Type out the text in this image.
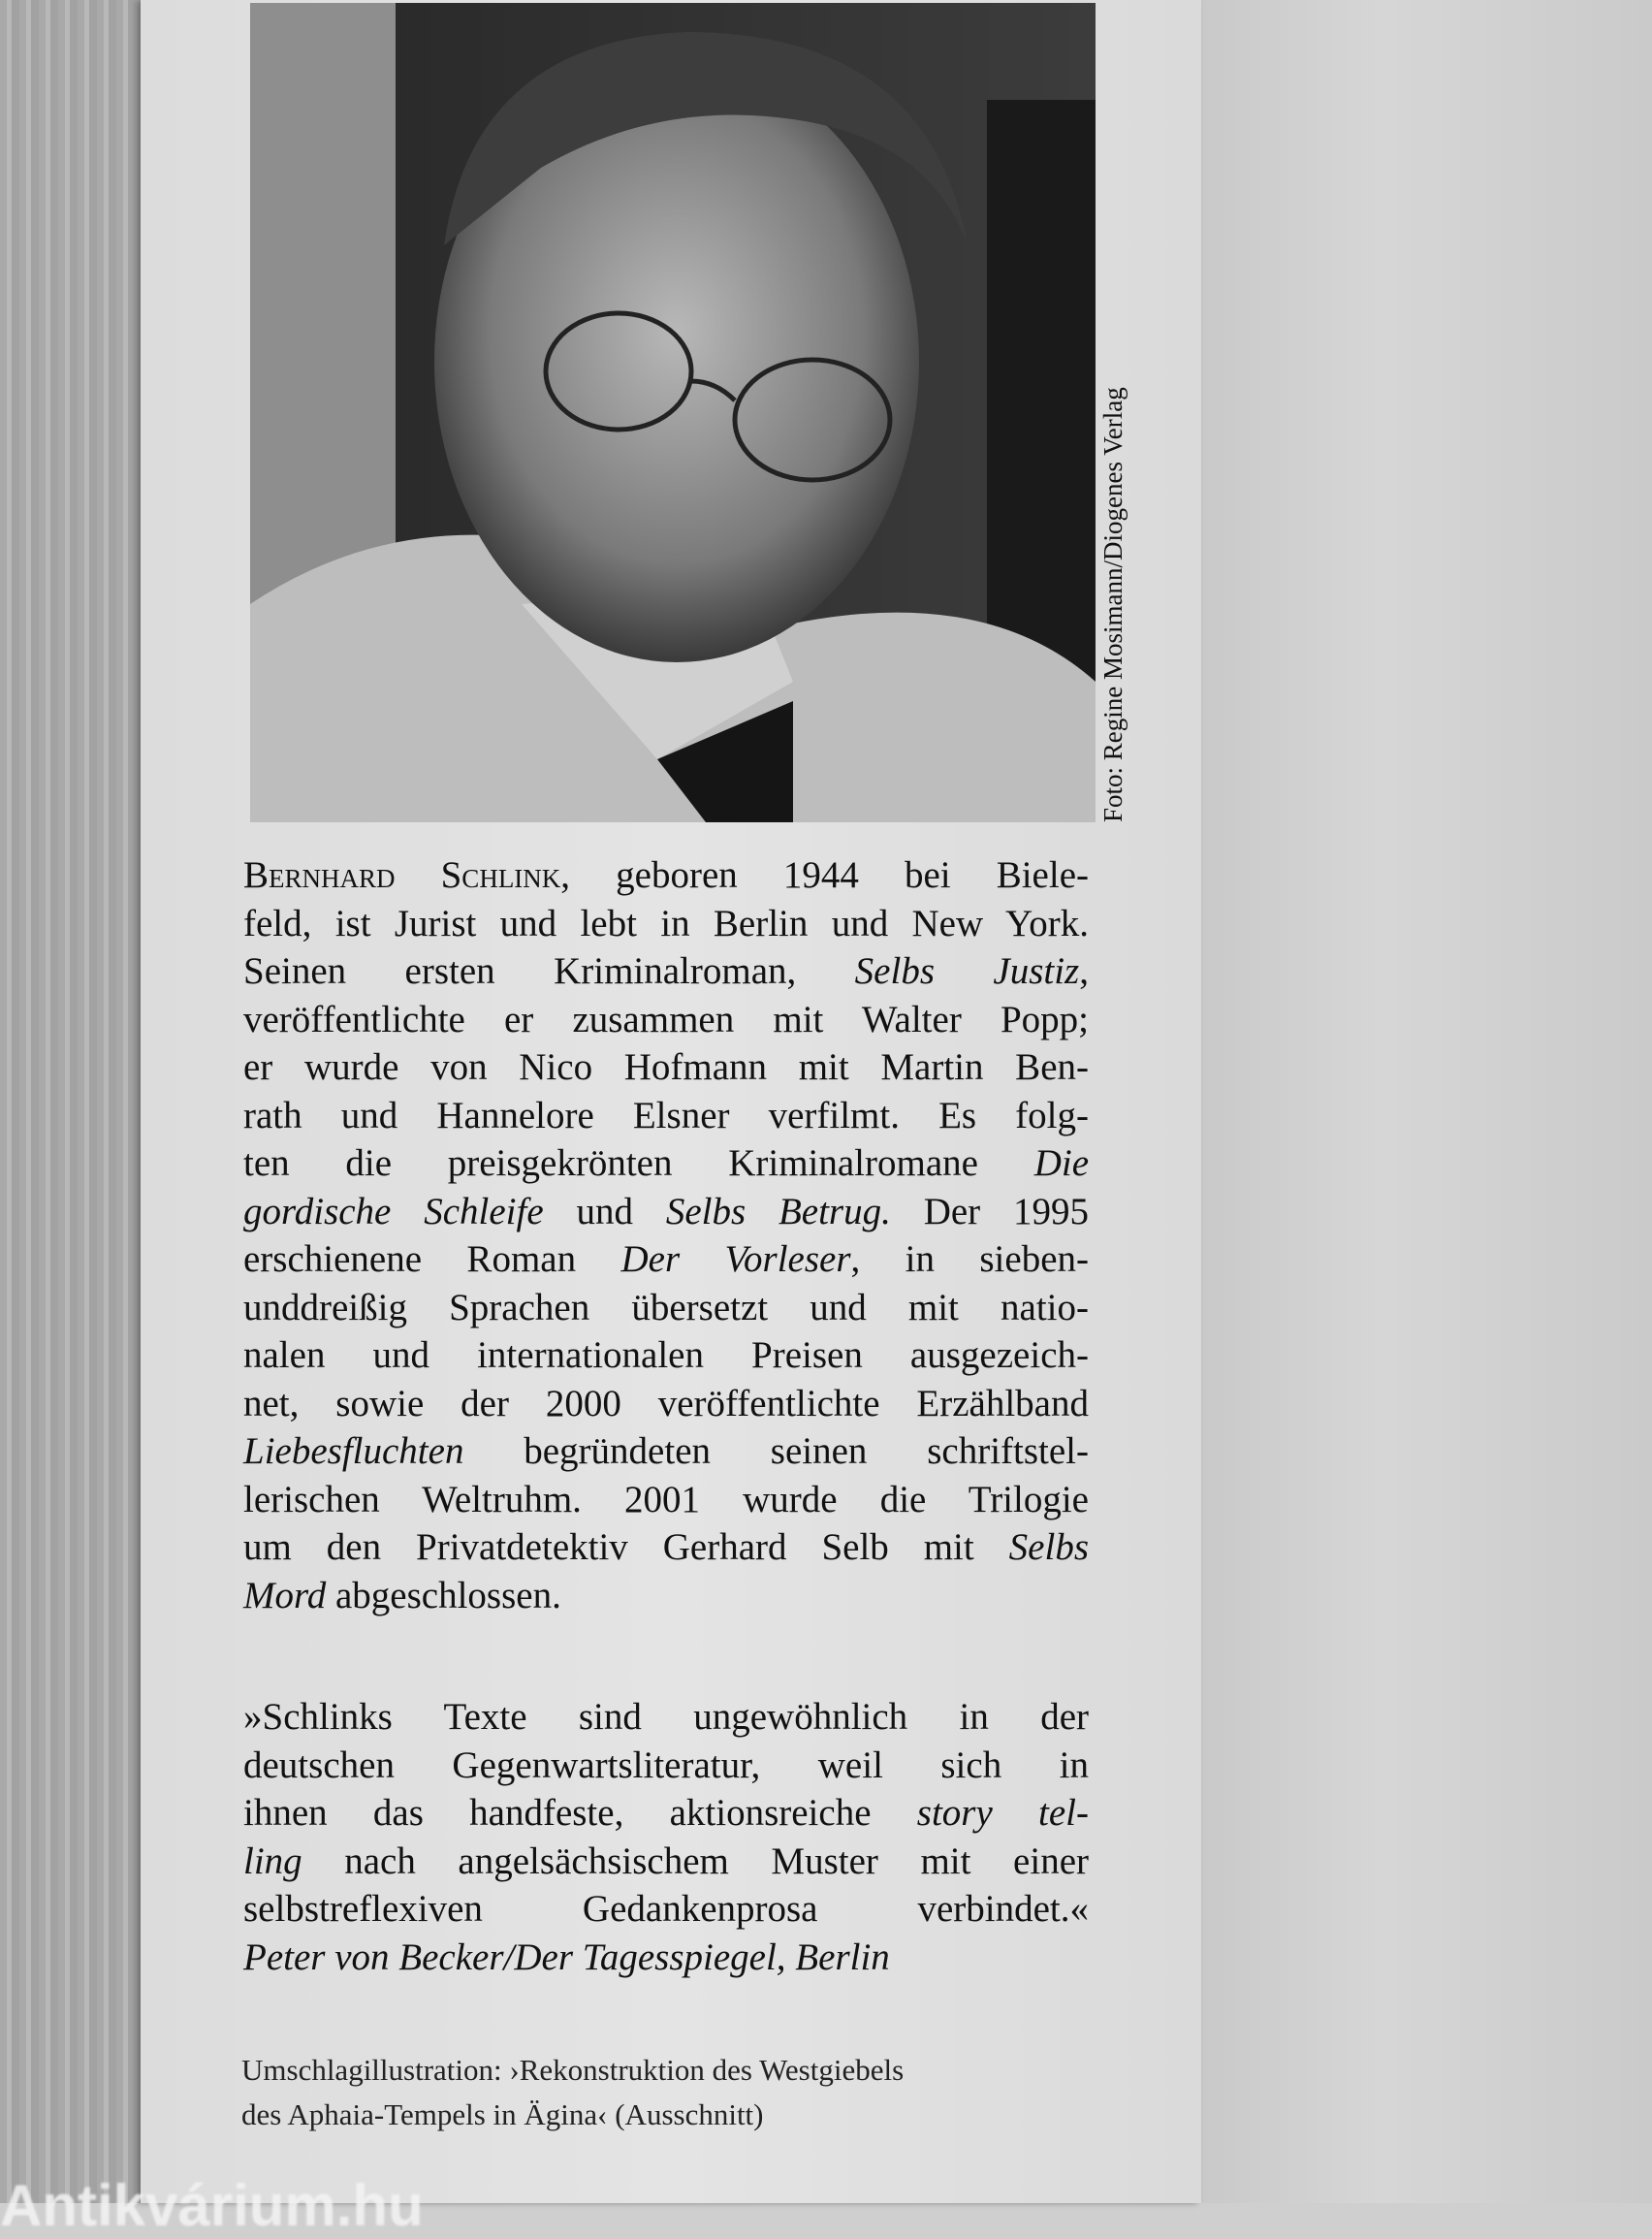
Foto: Regine Mosimann/Diogenes Verlag
Bernhard Schlink, geboren 1944 bei Biele-
feld, ist Jurist und lebt in Berlin und New York.
Seinen ersten Kriminalroman, Selbs Justiz,
veröffentlichte er zusammen mit Walter Popp;
er wurde von Nico Hofmann mit Martin Ben-
rath und Hannelore Elsner verfilmt. Es folg-
ten die preisgekrönten Kriminalromane Die
gordische Schleife und Selbs Betrug. Der 1995
erschienene Roman Der Vorleser, in sieben-
unddreißig Sprachen übersetzt und mit natio-
nalen und internationalen Preisen ausgezeich-
net, sowie der 2000 veröffentlichte Erzählband
Liebesfluchten begründeten seinen schriftstel-
lerischen Weltruhm. 2001 wurde die Trilogie
um den Privatdetektiv Gerhard Selb mit Selbs
Mord abgeschlossen.
»Schlinks Texte sind ungewöhnlich in der
deutschen Gegenwartsliteratur, weil sich in
ihnen das handfeste, aktionsreiche story tel-
ling nach angelsächsischem Muster mit einer
selbstreflexiven Gedankenprosa verbindet.«
Peter von Becker/Der Tagesspiegel, Berlin
Umschlagillustration: ›Rekonstruktion des Westgiebels
des Aphaia-Tempels in Ägina‹ (Ausschnitt)
Antikvárium.hu
